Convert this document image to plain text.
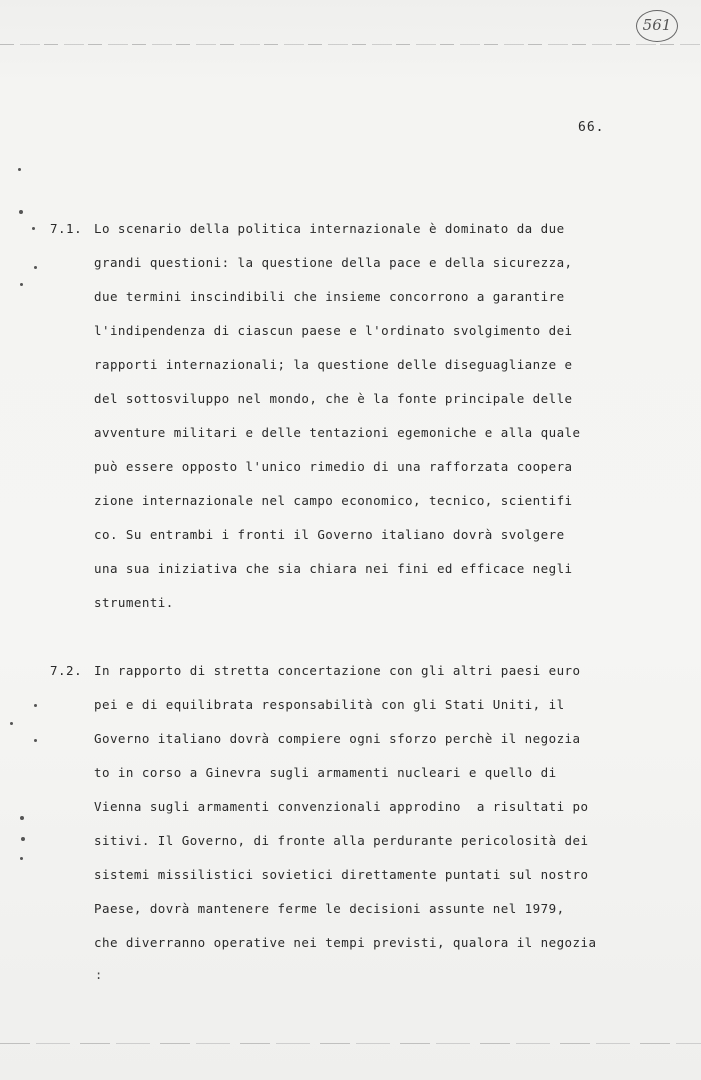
561
66.
7.1. Lo scenario della politica internazionale è dominato da due
grandi questioni: la questione della pace e della sicurezza,
due termini inscindibili che insieme concorrono a garantire
l'indipendenza di ciascun paese e l'ordinato svolgimento dei
rapporti internazionali; la questione delle diseguaglianze e
del sottosviluppo nel mondo, che è la fonte principale delle
avventure militari e delle tentazioni egemoniche e alla quale
può essere opposto l'unico rimedio di una rafforzata coopera
zione internazionale nel campo economico, tecnico, scientifi
co. Su entrambi i fronti il Governo italiano dovrà svolgere
una sua iniziativa che sia chiara nei fini ed efficace negli
strumenti.
7.2. In rapporto di stretta concertazione con gli altri paesi euro
pei e di equilibrata responsabilità con gli Stati Uniti, il
Governo italiano dovrà compiere ogni sforzo perchè il negozia
to in corso a Ginevra sugli armamenti nucleari e quello di
Vienna sugli armamenti convenzionali approdino  a risultati po
sitivi. Il Governo, di fronte alla perdurante pericolosità dei
sistemi missilistici sovietici direttamente puntati sul nostro
Paese, dovrà mantenere ferme le decisioni assunte nel 1979,
che diverranno operative nei tempi previsti, qualora il negozia
:
